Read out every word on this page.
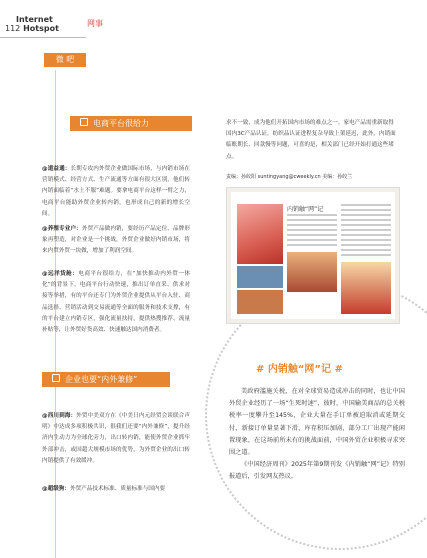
Internet
112 Hotspot
网事
微 吧
电商平台很给力
@道益通：长期专攻内外贸企业做国际市场，与内销市场在营销模式、经营方式、生产流通等方面有很大区别，他们转内销面临着“水土不服”难题。要拿电商平台这样一臂之力，电商平台能助外贸企业转内销，也形成自己的新的增长空间。
@养殖专业户：外贸产品做内销，要经历产品定位、品牌形象再塑造，对企业是一个挑战，外贸企业做好内销市场，将来内贸外贸一块做，增加了利润空间。
@远洋货舱：电商平台很给力，在“加快推动内外贸一体化”的背景下，电商平台行动快速，推出订单直采、供求对接等举措，有的平台还专门为外贸企业提供从平台入驻、商品选择、营销活动到交易流通等全面的服务和技术支撑，有的平台建立内销专区，强化流量扶持，提供热搜推荐、流量补贴等，让外贸好货高效、快速触达国内消费者。
企业也要“内外兼修”
@西川到海：外贸中美双方在《中美日内元经贸会谈联合声明》中达成多项积极共识，很我们还要“内外兼修”，提升经济内生动力为全球化旁力，出口转内销，能使外贸企业抓牢外部冲击，或国超大规模市场的优势，为外贸企业的出口转内销提供了有效缓冲。
@超级狗：外贸产品技术标准、质量标准与国内要
求不一致，成为他们开拓国内市场的难点之一。家电产品需重新取得国内3C产品认证，纺织品认证进程复杂导致上架延迟，此外，内销面临账期长、回款慢等问题，可喜的是，相关部门已经开始打通这些堵点。
责编：孙皎阳 suntingyang@cweekly.cn 美编：孙皎兰
内销触“网”记
# 内销触“网”记 #
美政府滥施关税，在对全球贸易造成冲击的同时，也让中国外贸企业经历了一场“生死时速”，彼时，中国输美商品的总关税税率一度攀升至145%，企业大量在手订单被迫取消或延期交付，新接订单量显著下滑，库存积压加剧，部分工厂出现产能闲置现象，在这场前所未有的挑战面前，中国外贸企业积极寻求突围之道。
《中国经济周刊》2025年第9期刊发《内销触“网”记》特别报道后，引发网友热议。
